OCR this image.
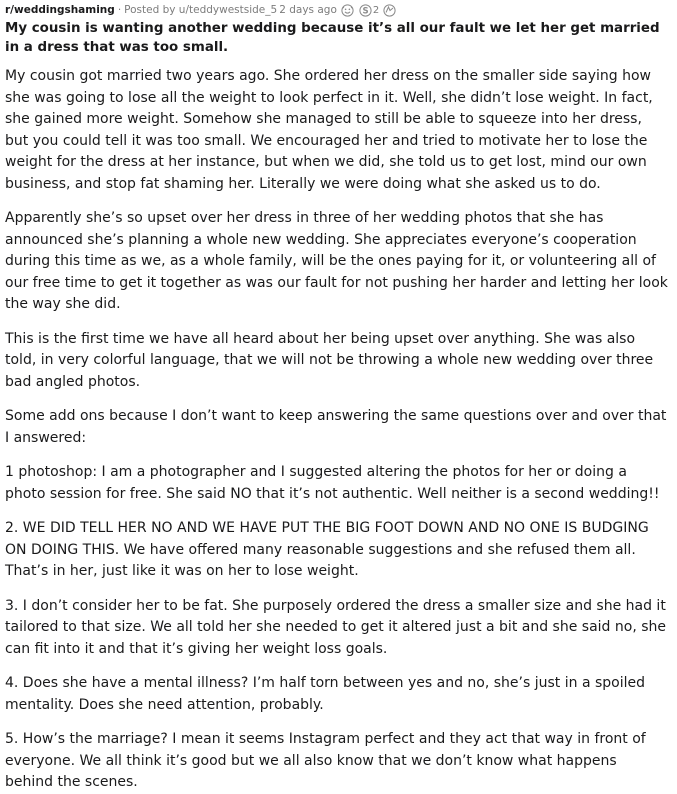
r/weddingshaming · Posted by u/teddywestside_5 2 days ago	S 2
My cousin is wanting another wedding because it’s all our fault we let her get married in a dress that was too small.

My cousin got married two years ago. She ordered her dress on the smaller side saying how she was going to lose all the weight to look perfect in it. Well, she didn’t lose weight. In fact, she gained more weight. Somehow she managed to still be able to squeeze into her dress, but you could tell it was too small. We encouraged her and tried to motivate her to lose the weight for the dress at her instance, but when we did, she told us to get lost, mind our own business, and stop fat shaming her. Literally we were doing what she asked us to do.

Apparently she’s so upset over her dress in three of her wedding photos that she has announced she’s planning a whole new wedding. She appreciates everyone’s cooperation during this time as we, as a whole family, will be the ones paying for it, or volunteering all of our free time to get it together as was our fault for not pushing her harder and letting her look the way she did.

This is the first time we have all heard about her being upset over anything. She was also told, in very colorful language, that we will not be throwing a whole new wedding over three bad angled photos.

Some add ons because I don’t want to keep answering the same questions over and over that I answered:

1 photoshop: I am a photographer and I suggested altering the photos for her or doing a photo session for free. She said NO that it’s not authentic. Well neither is a second wedding!!

2. WE DID TELL HER NO AND WE HAVE PUT THE BIG FOOT DOWN AND NO ONE IS BUDGING ON DOING THIS. We have offered many reasonable suggestions and she refused them all. That’s in her, just like it was on her to lose weight.

3. I don’t consider her to be fat. She purposely ordered the dress a smaller size and she had it tailored to that size. We all told her she needed to get it altered just a bit and she said no, she can fit into it and that it’s giving her weight loss goals.

4. Does she have a mental illness? I’m half torn between yes and no, she’s just in a spoiled mentality. Does she need attention, probably.

5. How’s the marriage? I mean it seems Instagram perfect and they act that way in front of everyone. We all think it’s good but we all also know that we don’t know what happens behind the scenes.
